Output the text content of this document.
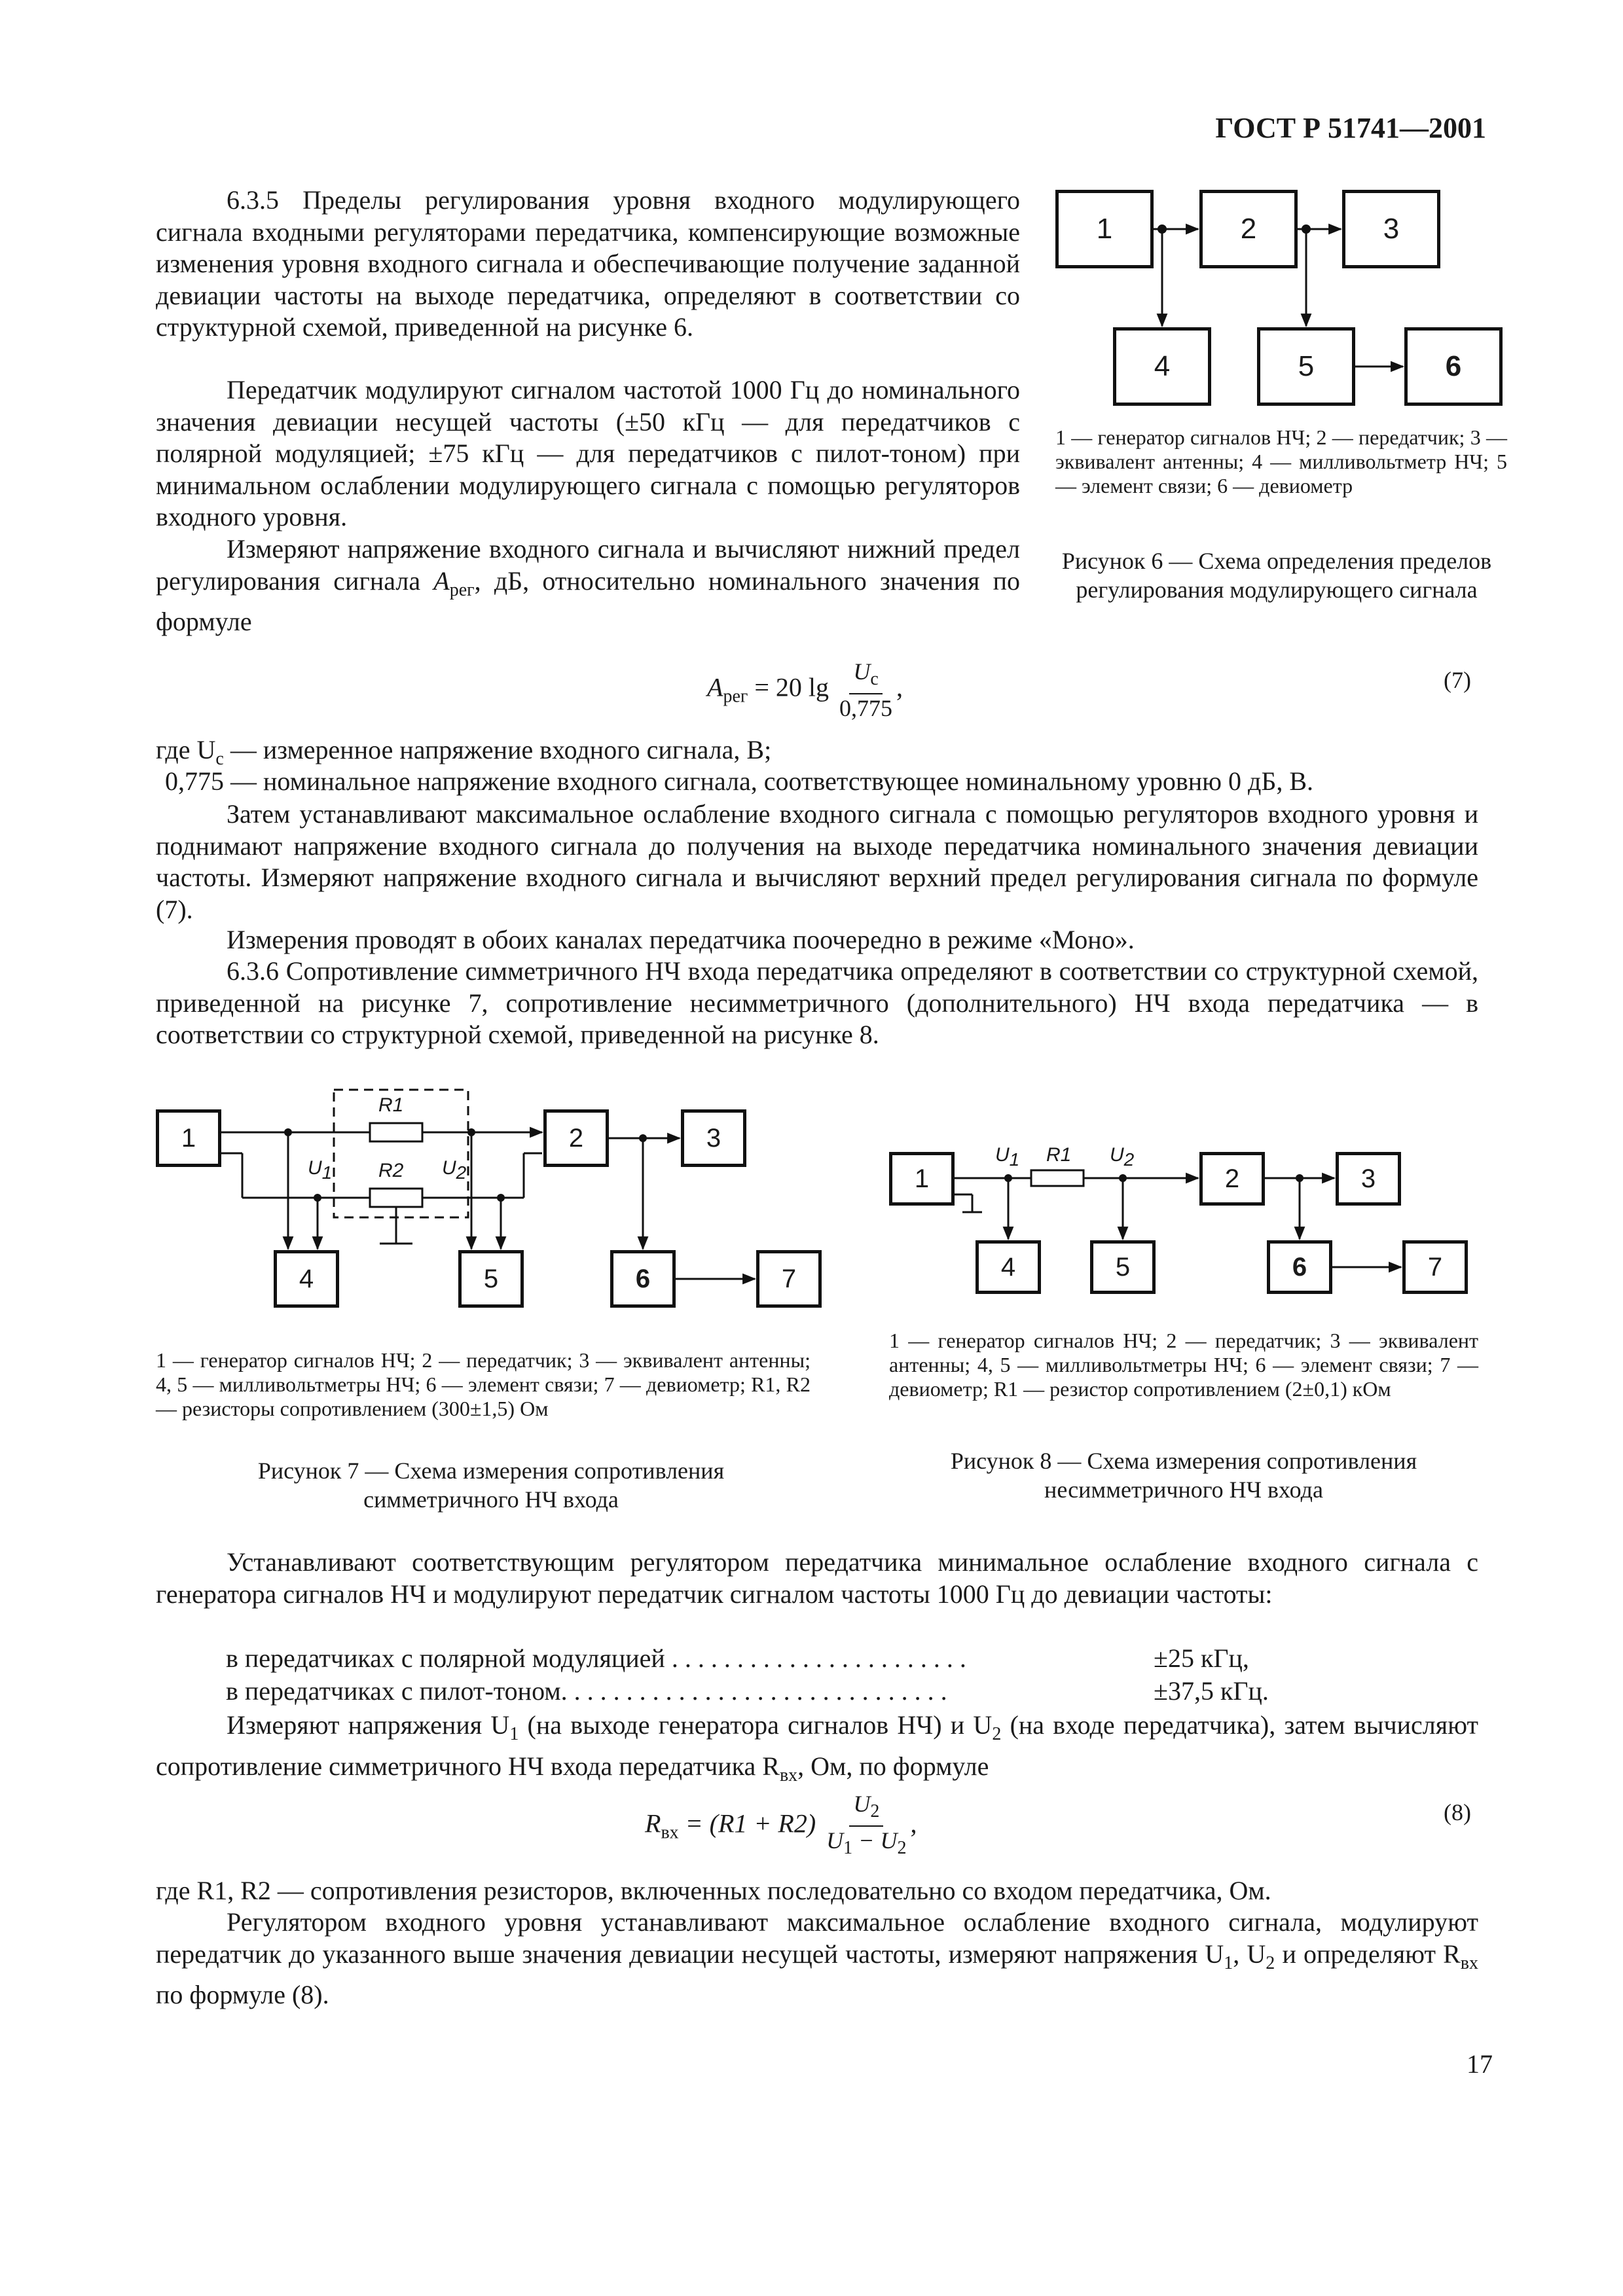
ГОСТ Р 51741—2001
6.3.5 Пределы регулирования уровня входного модулирующего сигнала входными регуляторами передатчика, компенсирующие возможные изменения уровня входного сигнала и обеспечивающие получение заданной девиации частоты на выходе передатчика, определяют в соответствии со структурной схемой, приведенной на рисунке 6.
Передатчик модулируют сигналом частотой 1000 Гц до номинального значения девиации несущей частоты (±50 кГц — для передатчиков с полярной модуляцией; ±75 кГц — для передатчиков с пилот-тоном) при минимальном ослаблении модулирующего сигнала с помощью регуляторов входного уровня.
Измеряют напряжение входного сигнала и вычисляют нижний предел регулирования сигнала $A_{рег}$, дБ, относительно номинального значения по формуле
1	2	3
4	5	6
1 — генератор сигналов НЧ; 2 — передатчик; 3 — эквивалент антенны; 4 — милливольтметр НЧ; 5 — элемент связи; 6 — девиометр
Рисунок 6 — Схема определения пределов регулирования модулирующего сигнала
$A_{рег} = 20$ $\lg \frac{U_с}{0,775}$ ,	(7)
где $U_с$ — измеренное напряжение входного сигнала, В;
0,775 — номинальное напряжение входного сигнала, соответствующее номинальному уровню 0 дБ, В.
Затем устанавливают максимальное ослабление входного сигнала с помощью регуляторов входного уровня и поднимают напряжение входного сигнала до получения на выходе передатчика номинального значения девиации частоты. Измеряют напряжение входного сигнала и вычисляют верхний предел регулирования сигнала по формуле (7).
Измерения проводят в обоих каналах передатчика поочередно в режиме «Моно».
6.3.6 Сопротивление симметричного НЧ входа передатчика определяют в соответствии со структурной схемой, приведенной на рисунке 7, сопротивление несимметричного (дополнительного) НЧ входа передатчика — в соответствии со структурной схемой, приведенной на рисунке 8.
1	2	3
4	5	6	7
R1
R2
$U_1$	$U_2$
1 — генератор сигналов НЧ; 2 — передатчик; 3 — эквивалент антенны; 4, 5 — милливольтметры НЧ; 6 — элемент связи; 7 — девиометр; R1, R2 — резисторы сопротивлением (300±1,5) Ом
Рисунок 7 — Схема измерения сопротивления симметричного НЧ входа
1	2	3
4	5	6	7
R1
$U_1$	$U_2$
1 — генератор сигналов НЧ; 2 — передатчик; 3 — эквивалент антенны; 4, 5 — милливольтметры НЧ; 6 — элемент связи; 7 — девиометр; R1 — резистор сопротивлением (2±0,1) кОм
Рисунок 8 — Схема измерения сопротивления несимметричного НЧ входа
Устанавливают соответствующим регулятором передатчика минимальное ослабление входного сигнала с генератора сигналов НЧ и модулируют передатчик сигналом частоты 1000 Гц до девиации частоты:
в передатчиках с полярной модуляцией . . . . . . . . . . . . . . . . . . . . . . .	±25 кГц,
в передатчиках с пилот-тоном. . . . . . . . . . . . . . . . . . . . . . . . . . . . . .	±37,5 кГц.
Измеряют напряжения $U_1$ (на выходе генератора сигналов НЧ) и $U_2$ (на входе передатчика), затем вычисляют сопротивление симметричного НЧ входа передатчика $R_{вх}$, Ом, по формуле
$R_{вх} = (R1 + R2) \frac{U_2}{U_1 - U_2}$ ,	(8)
где R1, R2 — сопротивления резисторов, включенных последовательно со входом передатчика, Ом.
Регулятором входного уровня устанавливают максимальное ослабление входного сигнала, модулируют передатчик до указанного выше значения девиации несущей частоты, измеряют напряжения $U_1$, $U_2$ и определяют $R_{вх}$ по формуле (8).
17
